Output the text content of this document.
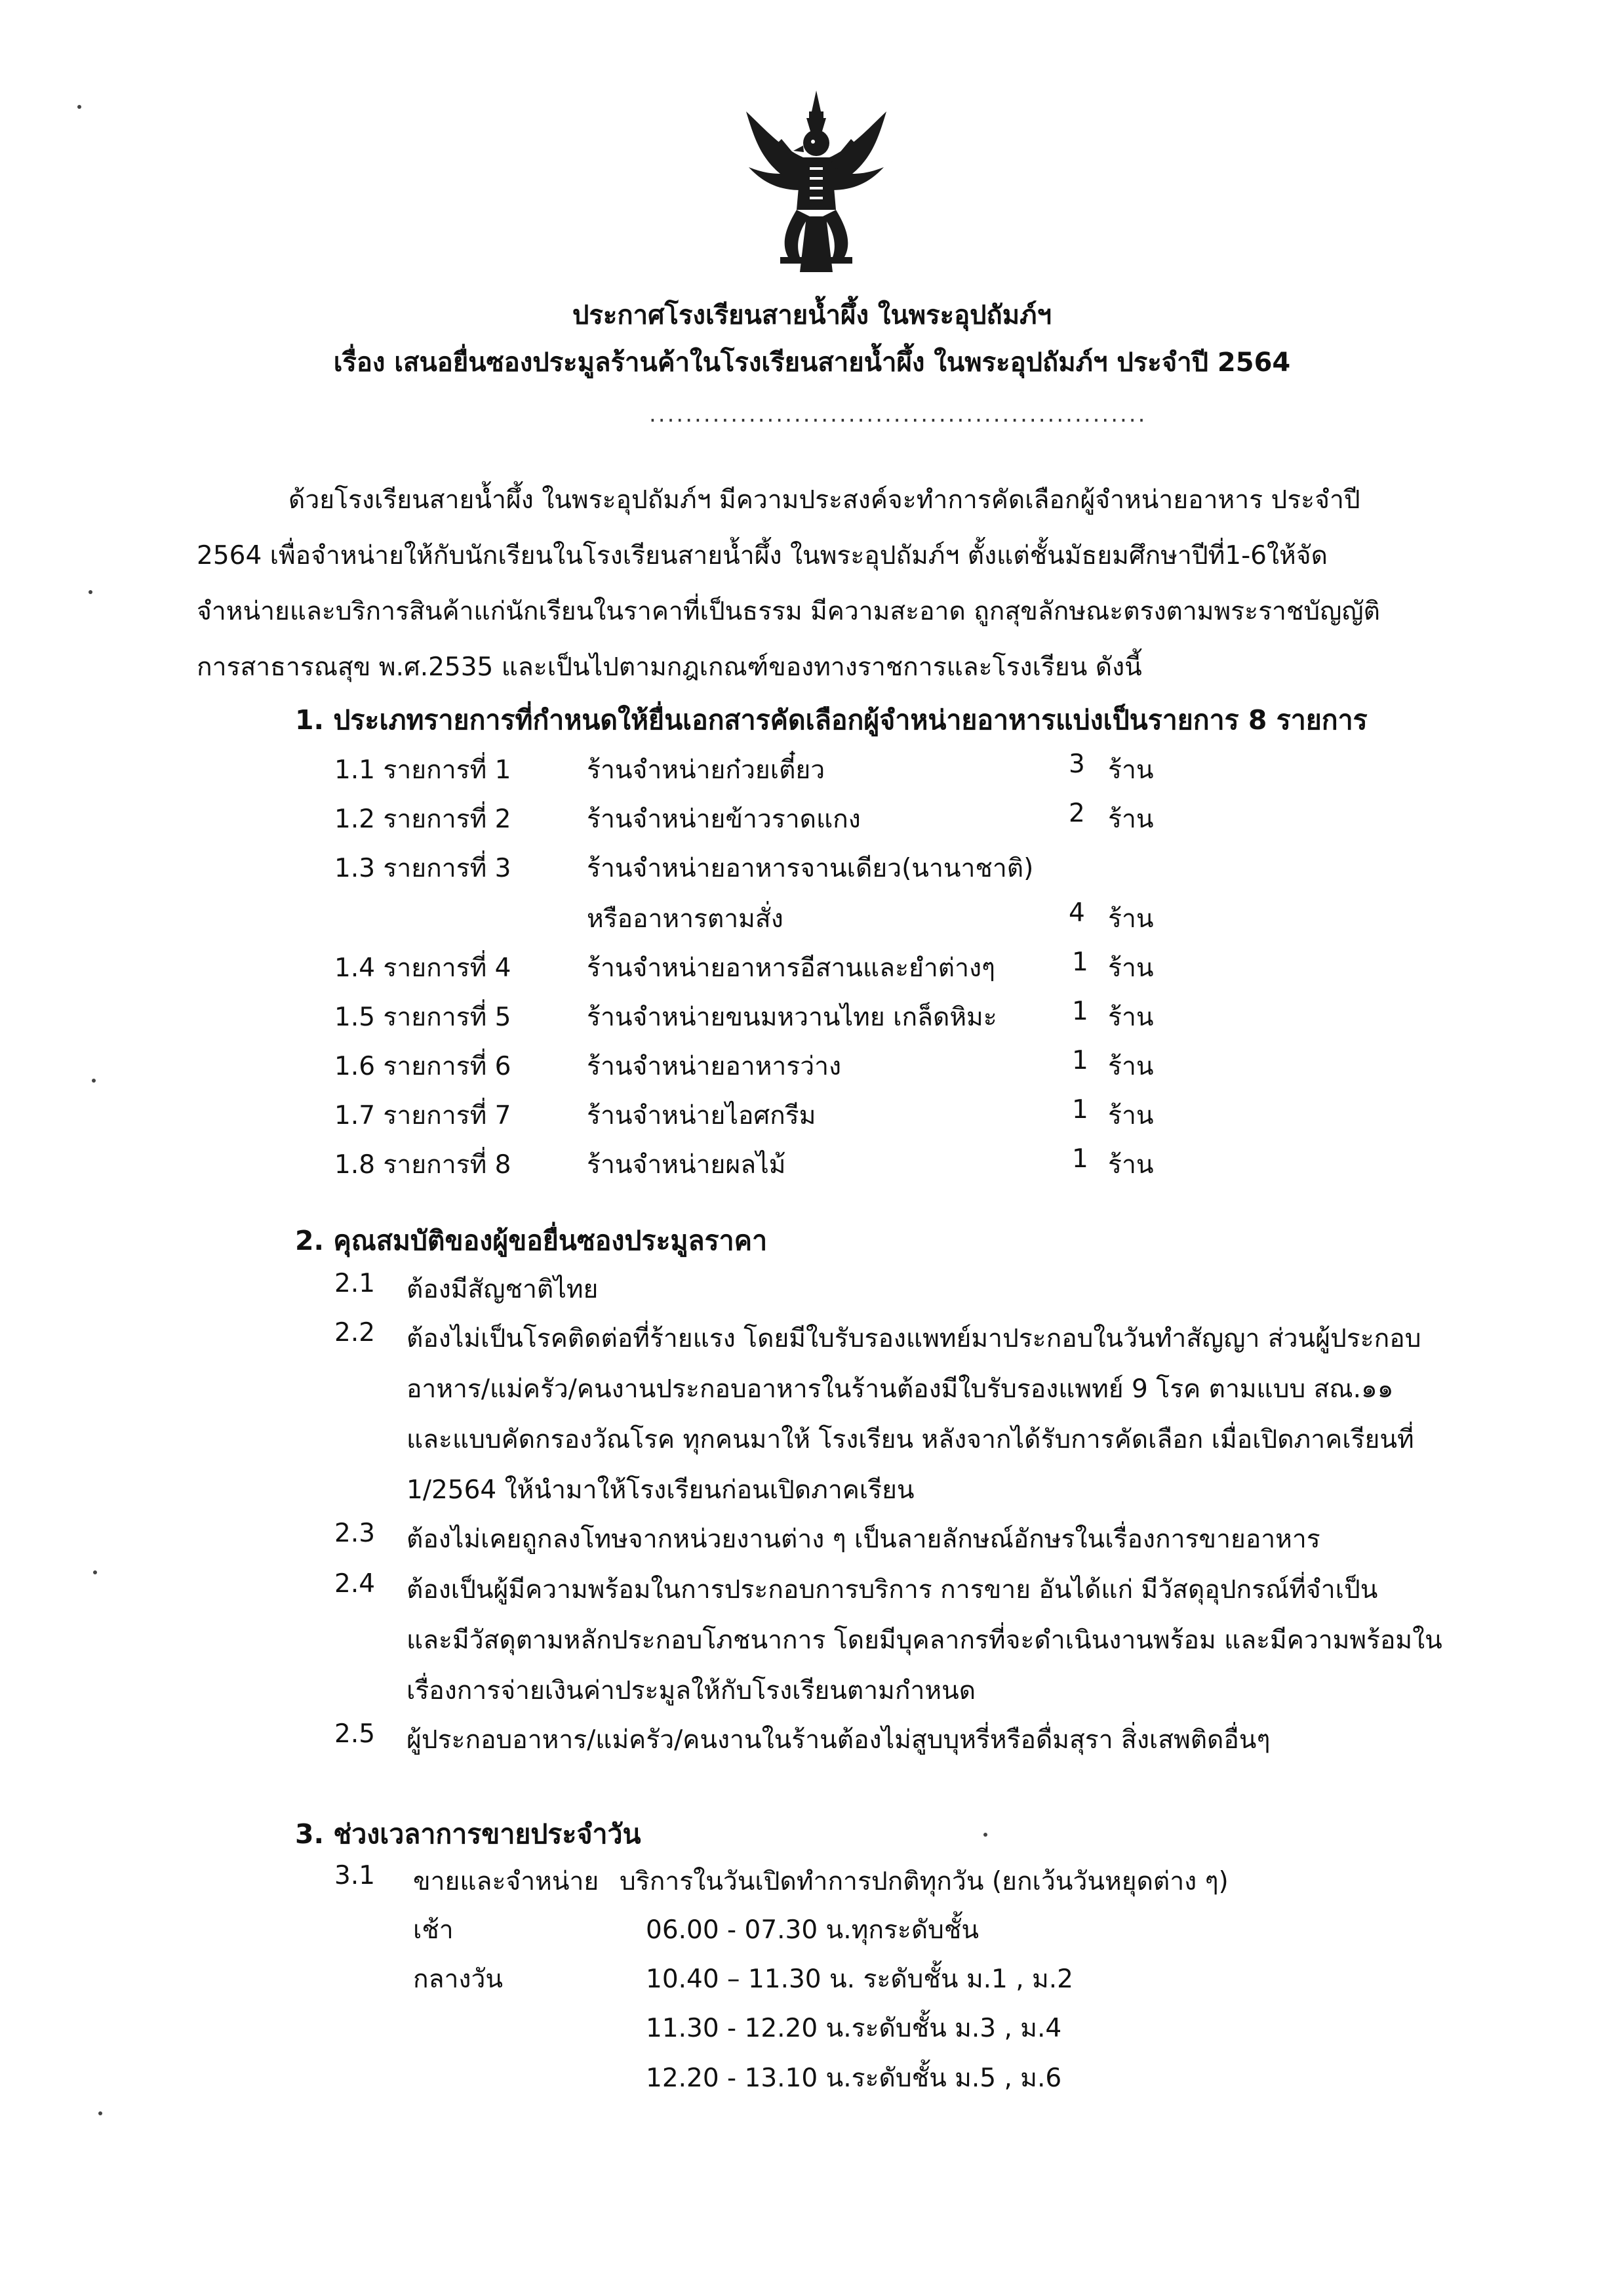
ประกาศโรงเรียนสายน้ำผึ้ง ในพระอุปถัมภ์ฯ
เรื่อง เสนอยื่นซองประมูลร้านค้าในโรงเรียนสายน้ำผึ้ง ในพระอุปถัมภ์ฯ ประจำปี 2564
.......................................................
ด้วยโรงเรียนสายน้ำผึ้ง ในพระอุปถัมภ์ฯ มีความประสงค์จะทำการคัดเลือกผู้จำหน่ายอาหาร ประจำปี
2564 เพื่อจำหน่ายให้กับนักเรียนในโรงเรียนสายน้ำผึ้ง ในพระอุปถัมภ์ฯ ตั้งแต่ชั้นมัธยมศึกษาปีที่1-6ให้จัด
จำหน่ายและบริการสินค้าแก่นักเรียนในราคาที่เป็นธรรม มีความสะอาด ถูกสุขลักษณะตรงตามพระราชบัญญัติ
การสาธารณสุข พ.ศ.2535 และเป็นไปตามกฎเกณฑ์ของทางราชการและโรงเรียน ดังนี้
1. ประเภทรายการที่กำหนดให้ยื่นเอกสารคัดเลือกผู้จำหน่ายอาหารแบ่งเป็นรายการ 8 รายการ
1.1 รายการที่ 1	ร้านจำหน่ายก๋วยเตี๋ยว	3 ร้าน
1.2 รายการที่ 2	ร้านจำหน่ายข้าวราดแกง	2 ร้าน
1.3 รายการที่ 3	ร้านจำหน่ายอาหารจานเดียว(นานาชาติ)
หรืออาหารตามสั่ง	4 ร้าน
1.4 รายการที่ 4	ร้านจำหน่ายอาหารอีสานและยำต่างๆ	1 ร้าน
1.5 รายการที่ 5	ร้านจำหน่ายขนมหวานไทย เกล็ดหิมะ	1 ร้าน
1.6 รายการที่ 6	ร้านจำหน่ายอาหารว่าง	1 ร้าน
1.7 รายการที่ 7	ร้านจำหน่ายไอศกรีม	1 ร้าน
1.8 รายการที่ 8	ร้านจำหน่ายผลไม้	1 ร้าน
2. คุณสมบัติของผู้ขอยื่นซองประมูลราคา
2.1 ต้องมีสัญชาติไทย
2.2 ต้องไม่เป็นโรคติดต่อที่ร้ายแรง โดยมีใบรับรองแพทย์มาประกอบในวันทำสัญญา ส่วนผู้ประกอบ
อาหาร/แม่ครัว/คนงานประกอบอาหารในร้านต้องมีใบรับรองแพทย์ 9 โรค ตามแบบ สณ.๑๑
และแบบคัดกรองวัณโรค ทุกคนมาให้ โรงเรียน หลังจากได้รับการคัดเลือก เมื่อเปิดภาคเรียนที่
1/2564 ให้นำมาให้โรงเรียนก่อนเปิดภาคเรียน
2.3 ต้องไม่เคยถูกลงโทษจากหน่วยงานต่าง ๆ เป็นลายลักษณ์อักษรในเรื่องการขายอาหาร
2.4 ต้องเป็นผู้มีความพร้อมในการประกอบการบริการ การขาย อันได้แก่ มีวัสดุอุปกรณ์ที่จำเป็น
และมีวัสดุตามหลักประกอบโภชนาการ โดยมีบุคลากรที่จะดำเนินงานพร้อม และมีความพร้อมใน
เรื่องการจ่ายเงินค่าประมูลให้กับโรงเรียนตามกำหนด
2.5 ผู้ประกอบอาหาร/แม่ครัว/คนงานในร้านต้องไม่สูบบุหรี่หรือดื่มสุรา สิ่งเสพติดอื่นๆ
3. ช่วงเวลาการขายประจำวัน
3.1 ขายและจำหน่าย บริการในวันเปิดทำการปกติทุกวัน (ยกเว้นวันหยุดต่าง ๆ)
เช้า	06.00 - 07.30 น.ทุกระดับชั้น
กลางวัน	10.40 – 11.30 น. ระดับชั้น ม.1 , ม.2
11.30 - 12.20 น.ระดับชั้น ม.3 , ม.4
12.20 - 13.10 น.ระดับชั้น ม.5 , ม.6
